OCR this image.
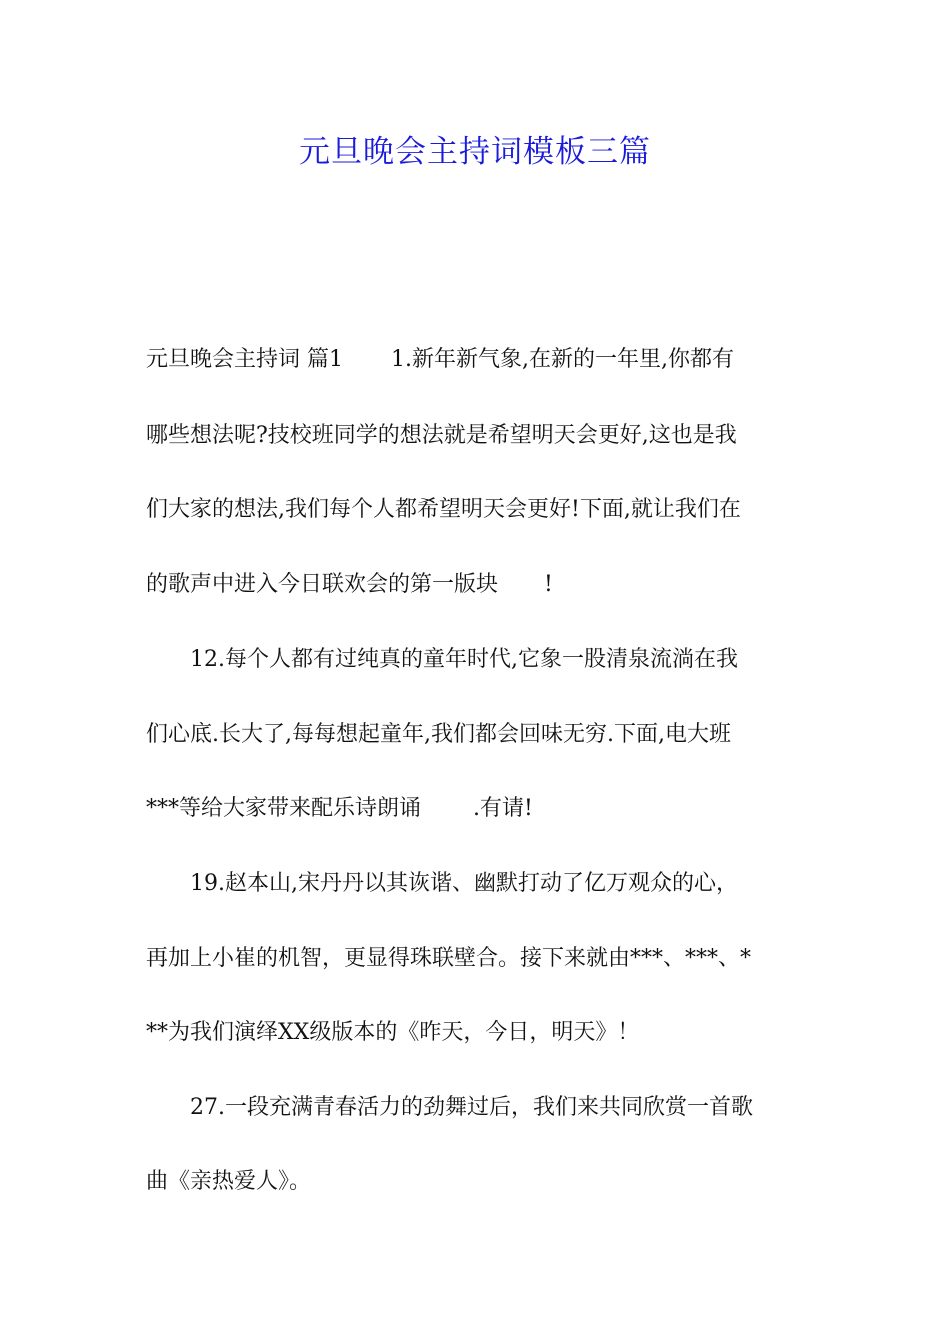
元旦晚会主持词模板三篇
元旦晚会主持词 篇1 1.新年新气象,在新的一年里,你都有
哪些想法呢?技校班同学的想法就是希望明天会更好,这也是我
们大家的想法,我们每个人都希望明天会更好!下面,就让我们在
的歌声中进入今日联欢会的第一版块 !
12.每个人都有过纯真的童年时代,它象一股清泉流淌在我
们心底.长大了,每每想起童年,我们都会回味无穷.下面,电大班
***等给大家带来配乐诗朗诵 .有请!
19.赵本山,宋丹丹以其诙谐、幽默打动了亿万观众的心，
再加上小崔的机智，更显得珠联壁合。接下来就由***、***、*
**为我们演绎XX级版本的《昨天，今日，明天》！
27.一段充满青春活力的劲舞过后，我们来共同欣赏一首歌
曲《亲热爱人》。
